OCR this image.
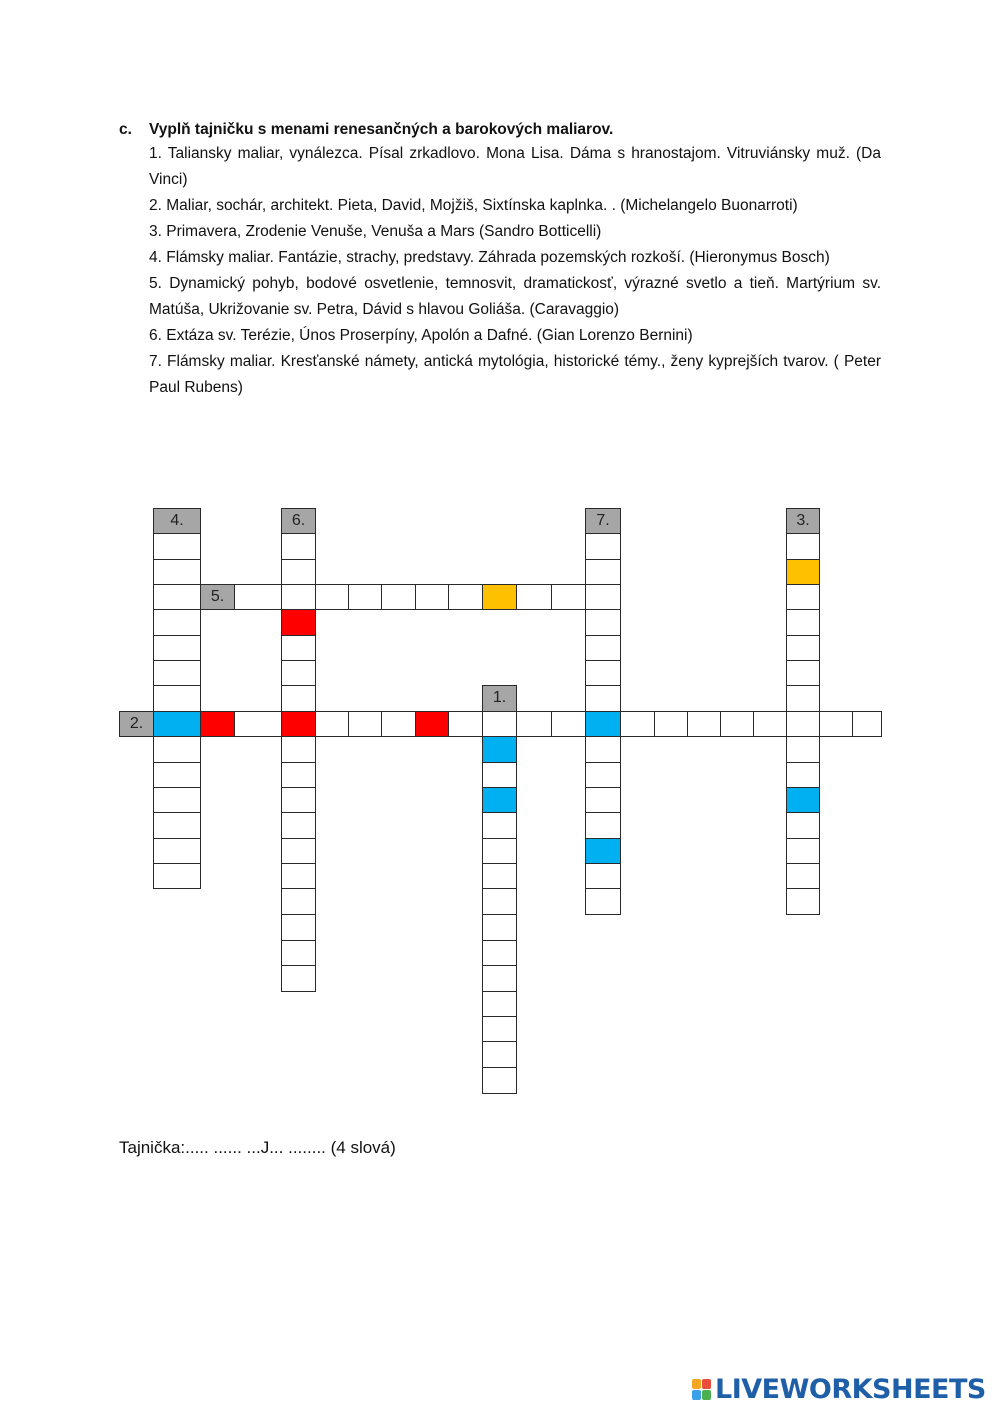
c.	Vyplň tajničku s menami renesančných a barokových maliarov.
1. Taliansky maliar, vynálezca. Písal zrkadlovo. Mona Lisa. Dáma s hranostajom. Vitruviánsky muž. (Da Vinci)
2. Maliar, sochár, architekt. Pieta, David, Mojžiš, Sixtínska kaplnka. . (Michelangelo Buonarroti)
3. Primavera, Zrodenie Venuše, Venuša a Mars (Sandro Botticelli)
4. Flámsky maliar. Fantázie, strachy, predstavy. Záhrada pozemských rozkoší. (Hieronymus Bosch)
5. Dynamický pohyb, bodové osvetlenie, temnosvit, dramatickosť, výrazné svetlo a tieň. Martýrium sv. Matúša, Ukrižovanie sv. Petra, Dávid s hlavou Goliáša. (Caravaggio)
6. Extáza sv. Terézie, Únos Proserpíny, Apolón a Dafné. (Gian Lorenzo Bernini)
7. Flámsky maliar. Kresťanské námety, antická mytológia, historické témy., ženy kyprejších tvarov. ( Peter Paul Rubens)
1.
2.
3.
4.
5.
6.	7.
Tajnička:..... ...... ...J... ........ (4 slová)
LIVEWORKSHEETS
